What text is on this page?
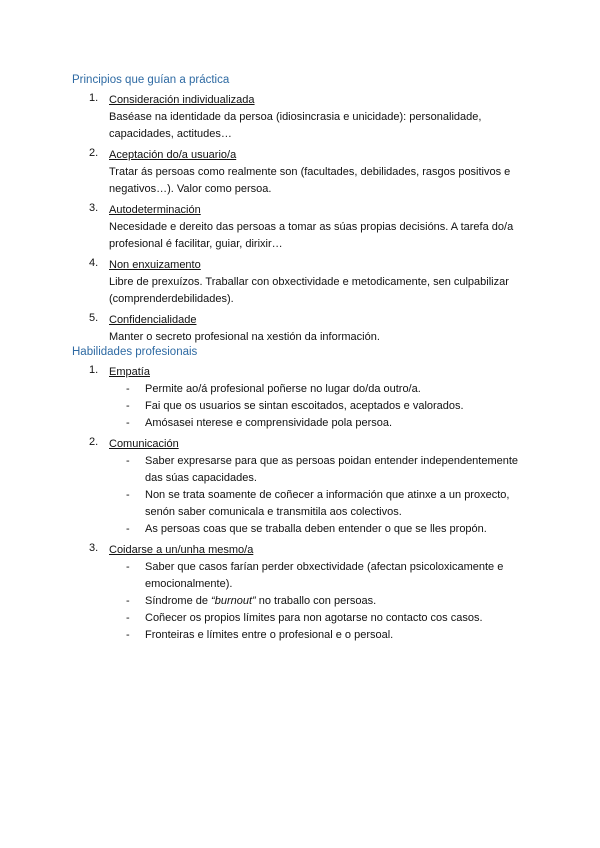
Principios que guían a práctica
1. Consideración individualizada
Baséase na identidade da persoa (idiosincrasia e unicidade): personalidade, capacidades, actitudes…
2. Aceptación do/a usuario/a
Tratar ás persoas como realmente son (facultades, debilidades, rasgos positivos e negativos…). Valor como persoa.
3. Autodeterminación
Necesidade e dereito das persoas a tomar as súas propias decisións. A tarefa do/a profesional é facilitar, guiar, dirixir…
4. Non enxuizamento
Libre de prexuízos. Traballar con obxectividade e metodicamente, sen culpabilizar (comprenderdebilidades).
5. Confidencialidade
Manter o secreto profesional na xestión da información.
Habilidades profesionais
1. Empatía
- Permite ao/á profesional poñerse no lugar do/da outro/a.
- Fai que os usuarios se sintan escoitados, aceptados e valorados.
- Amósasei nterese e comprensividade pola persoa.
2. Comunicación
- Saber expresarse para que as persoas poidan entender independentemente das súas capacidades.
- Non se trata soamente de coñecer a información que atinxe a un proxecto, senón saber comunicala e transmitila aos colectivos.
- As persoas coas que se traballa deben entender o que se lles propón.
3. Coidarse a un/unha mesmo/a
- Saber que casos farían perder obxectividade (afectan psicoloxicamente e emocionalmente).
- Síndrome de “burnout” no traballo con persoas.
- Coñecer os propios límites para non agotarse no contacto cos casos.
- Fronteiras e límites entre o profesional e o persoal.
